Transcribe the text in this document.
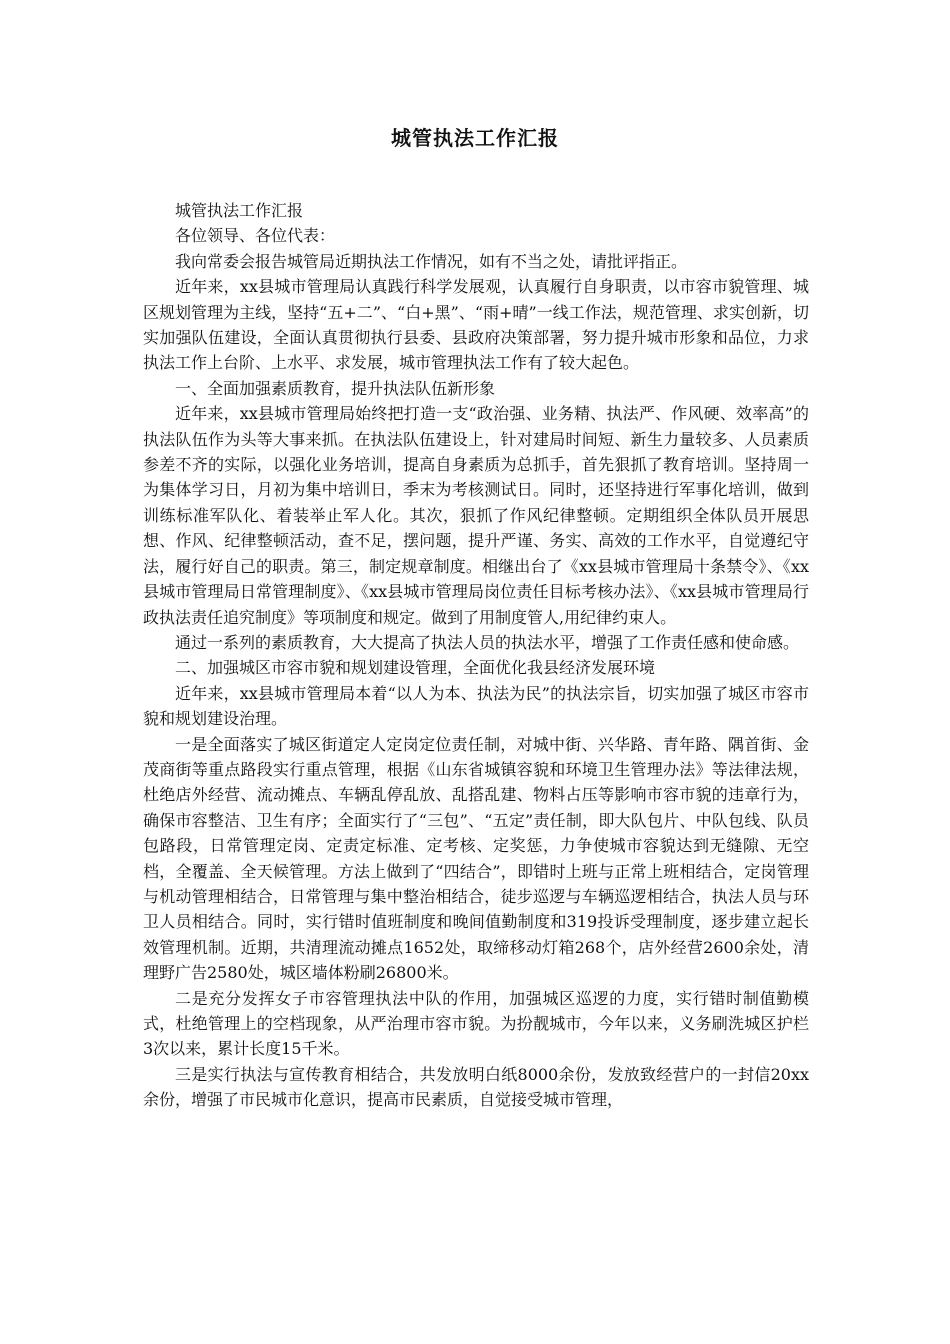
城管执法工作汇报

城管执法工作汇报

各位领导、各位代表：

我向常委会报告城管局近期执法工作情况，如有不当之处，请批评指正。

近年来，xx县城市管理局认真践行科学发展观，认真履行自身职责，以市容市貌管理、城区规划管理为主线，坚持“五+二”、“白+黑”、“雨+晴”一线工作法，规范管理、求实创新，切实加强队伍建设，全面认真贯彻执行县委、县政府决策部署，努力提升城市形象和品位，力求执法工作上台阶、上水平、求发展，城市管理执法工作有了较大起色。

一、全面加强素质教育，提升执法队伍新形象

近年来，xx县城市管理局始终把打造一支“政治强、业务精、执法严、作风硬、效率高”的执法队伍作为头等大事来抓。在执法队伍建设上，针对建局时间短、新生力量较多、人员素质参差不齐的实际，以强化业务培训，提高自身素质为总抓手，首先狠抓了教育培训。坚持周一为集体学习日，月初为集中培训日，季末为考核测试日。同时，还坚持进行军事化培训，做到训练标准军队化、着装举止军人化。其次，狠抓了作风纪律整顿。定期组织全体队员开展思想、作风、纪律整顿活动，查不足，摆问题，提升严谨、务实、高效的工作水平，自觉遵纪守法，履行好自己的职责。第三，制定规章制度。相继出台了《xx县城市管理局十条禁令》、《xx县城市管理局日常管理制度》、《xx县城市管理局岗位责任目标考核办法》、《xx县城市管理局行政执法责任追究制度》等项制度和规定。做到了用制度管人,用纪律约束人。

通过一系列的素质教育，大大提高了执法人员的执法水平，增强了工作责任感和使命感。

二、加强城区市容市貌和规划建设管理，全面优化我县经济发展环境

近年来，xx县城市管理局本着“以人为本、执法为民”的执法宗旨，切实加强了城区市容市貌和规划建设治理。

一是全面落实了城区街道定人定岗定位责任制，对城中街、兴华路、青年路、隅首街、金茂商街等重点路段实行重点管理，根据《山东省城镇容貌和环境卫生管理办法》等法律法规，杜绝店外经营、流动摊点、车辆乱停乱放、乱搭乱建、物料占压等影响市容市貌的违章行为，确保市容整洁、卫生有序；全面实行了“三包”、“五定”责任制，即大队包片、中队包线、队员包路段，日常管理定岗、定责定标准、定考核、定奖惩，力争使城市容貌达到无缝隙、无空档，全覆盖、全天候管理。方法上做到了“四结合”，即错时上班与正常上班相结合，定岗管理与机动管理相结合，日常管理与集中整治相结合，徒步巡逻与车辆巡逻相结合，执法人员与环卫人员相结合。同时，实行错时值班制度和晚间值勤制度和319投诉受理制度，逐步建立起长效管理机制。近期，共清理流动摊点1652处，取缔移动灯箱268个，店外经营2600余处，清理野广告2580处，城区墙体粉刷26800米。

二是充分发挥女子市容管理执法中队的作用，加强城区巡逻的力度，实行错时制值勤模式，杜绝管理上的空档现象，从严治理市容市貌。为扮靓城市，今年以来，义务刷洗城区护栏3次以来，累计长度15千米。

三是实行执法与宣传教育相结合，共发放明白纸8000余份，发放致经营户的一封信20xx余份，增强了市民城市化意识，提高市民素质，自觉接受城市管理，
